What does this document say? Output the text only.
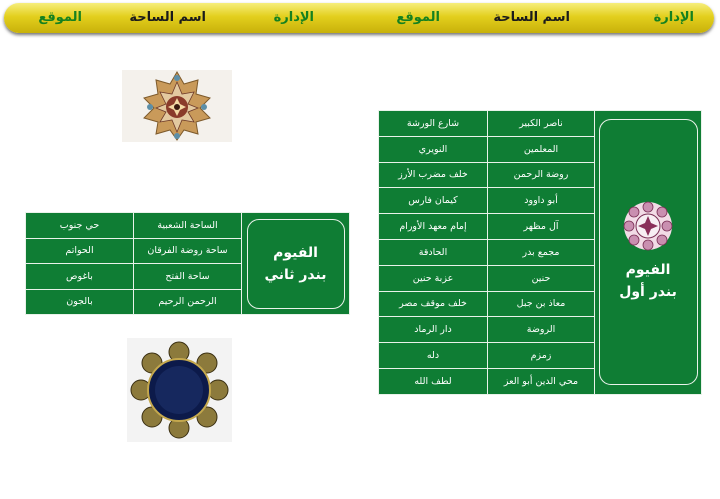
الإدارة
اسم الساحة
الموقع
الإدارة
اسم الساحة
الموقع
الفيوم
بندر أول	ناصر الكبير	شارع الورشة
	المعلمين	النويري
	روضة الرحمن	خلف مضرب الأرز
	أبو داوود	كيمان فارس
	آل مظهر	إمام معهد الأورام
	مجمع بدر	الحادقة
	حنين	عزبة حنين
	معاذ بن جبل	خلف موقف مصر
	الروضة	دار الرماد
	زمزم	دله
	محي الدين أبو العز	لطف الله
الفيوم
بندر ثاني	الساحة الشعبية	حي جنوب
	ساحة روضة الفرقان	الحواتم
	ساحة الفتح	باغوص
	الرحمن الرحيم	بالجون
